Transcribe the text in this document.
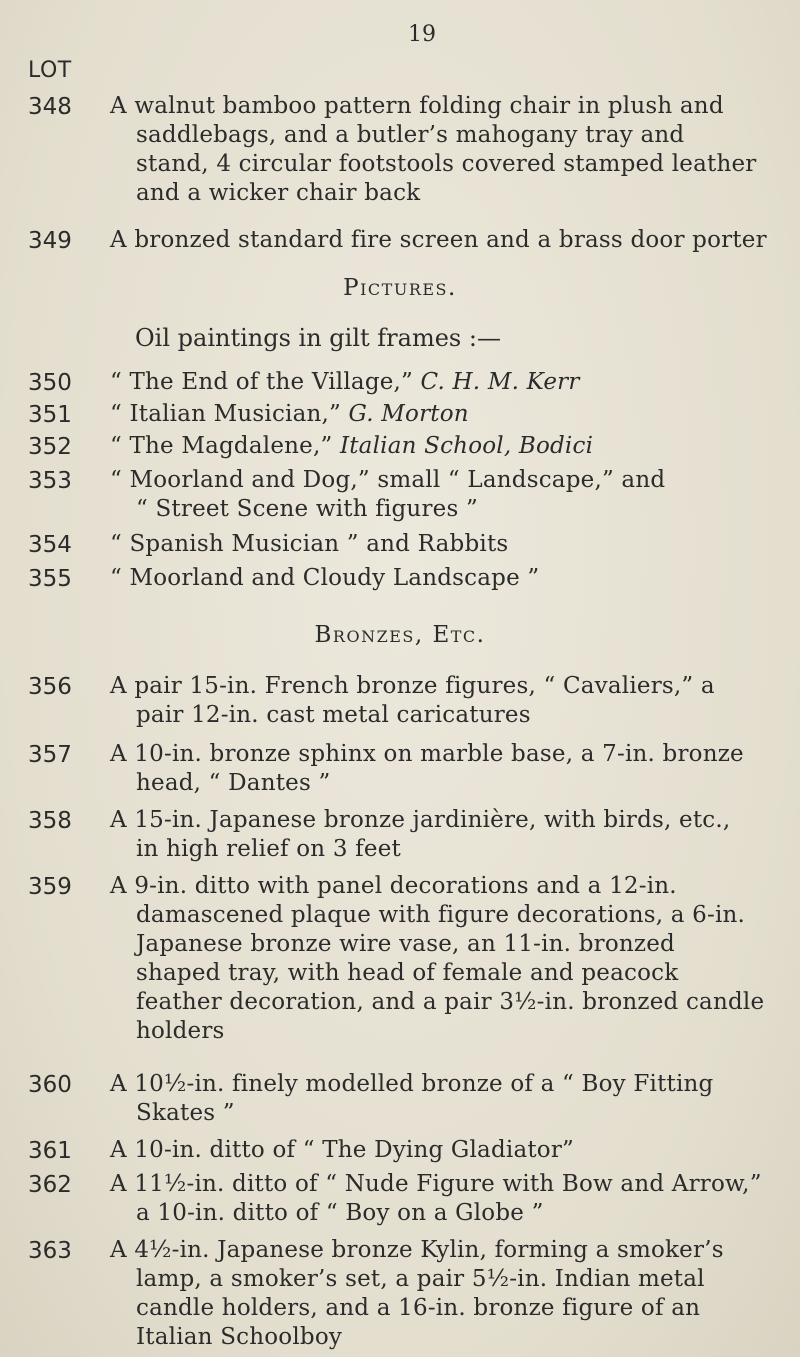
19
LOT
348 A walnut bamboo pattern folding chair in plush and
saddlebags, and a butler’s mahogany tray and
stand, 4 circular footstools covered stamped leather
and a wicker chair back
349 A bronzed standard fire screen and a brass door porter
Pictures.
Oil paintings in gilt frames :—
350 “ The End of the Village,” C. H. M. Kerr
351 “ Italian Musician,” G. Morton
352 “ The Magdalene,” Italian School, Bodici
353 “ Moorland and Dog,” small “ Landscape,” and
“ Street Scene with figures ”
354 “ Spanish Musician ” and Rabbits
355 “ Moorland and Cloudy Landscape ”
Bronzes, Etc.
356 A pair 15-in. French bronze figures, “ Cavaliers,” a
pair 12-in. cast metal caricatures
357 A 10-in. bronze sphinx on marble base, a 7-in. bronze
head, “ Dantes ”
358 A 15-in. Japanese bronze jardinière, with birds, etc.,
in high relief on 3 feet
359 A 9-in. ditto with panel decorations and a 12-in.
damascened plaque with figure decorations, a 6-in.
Japanese bronze wire vase, an 11-in. bronzed
shaped tray, with head of female and peacock
feather decoration, and a pair 3½-in. bronzed candle
holders
360 A 10½-in. finely modelled bronze of a “ Boy Fitting
Skates ”
361 A 10-in. ditto of “ The Dying Gladiator”
362 A 11½-in. ditto of “ Nude Figure with Bow and Arrow,”
a 10-in. ditto of “ Boy on a Globe ”
363 A 4½-in. Japanese bronze Kylin, forming a smoker’s
lamp, a smoker’s set, a pair 5½-in. Indian metal
candle holders, and a 16-in. bronze figure of an
Italian Schoolboy
